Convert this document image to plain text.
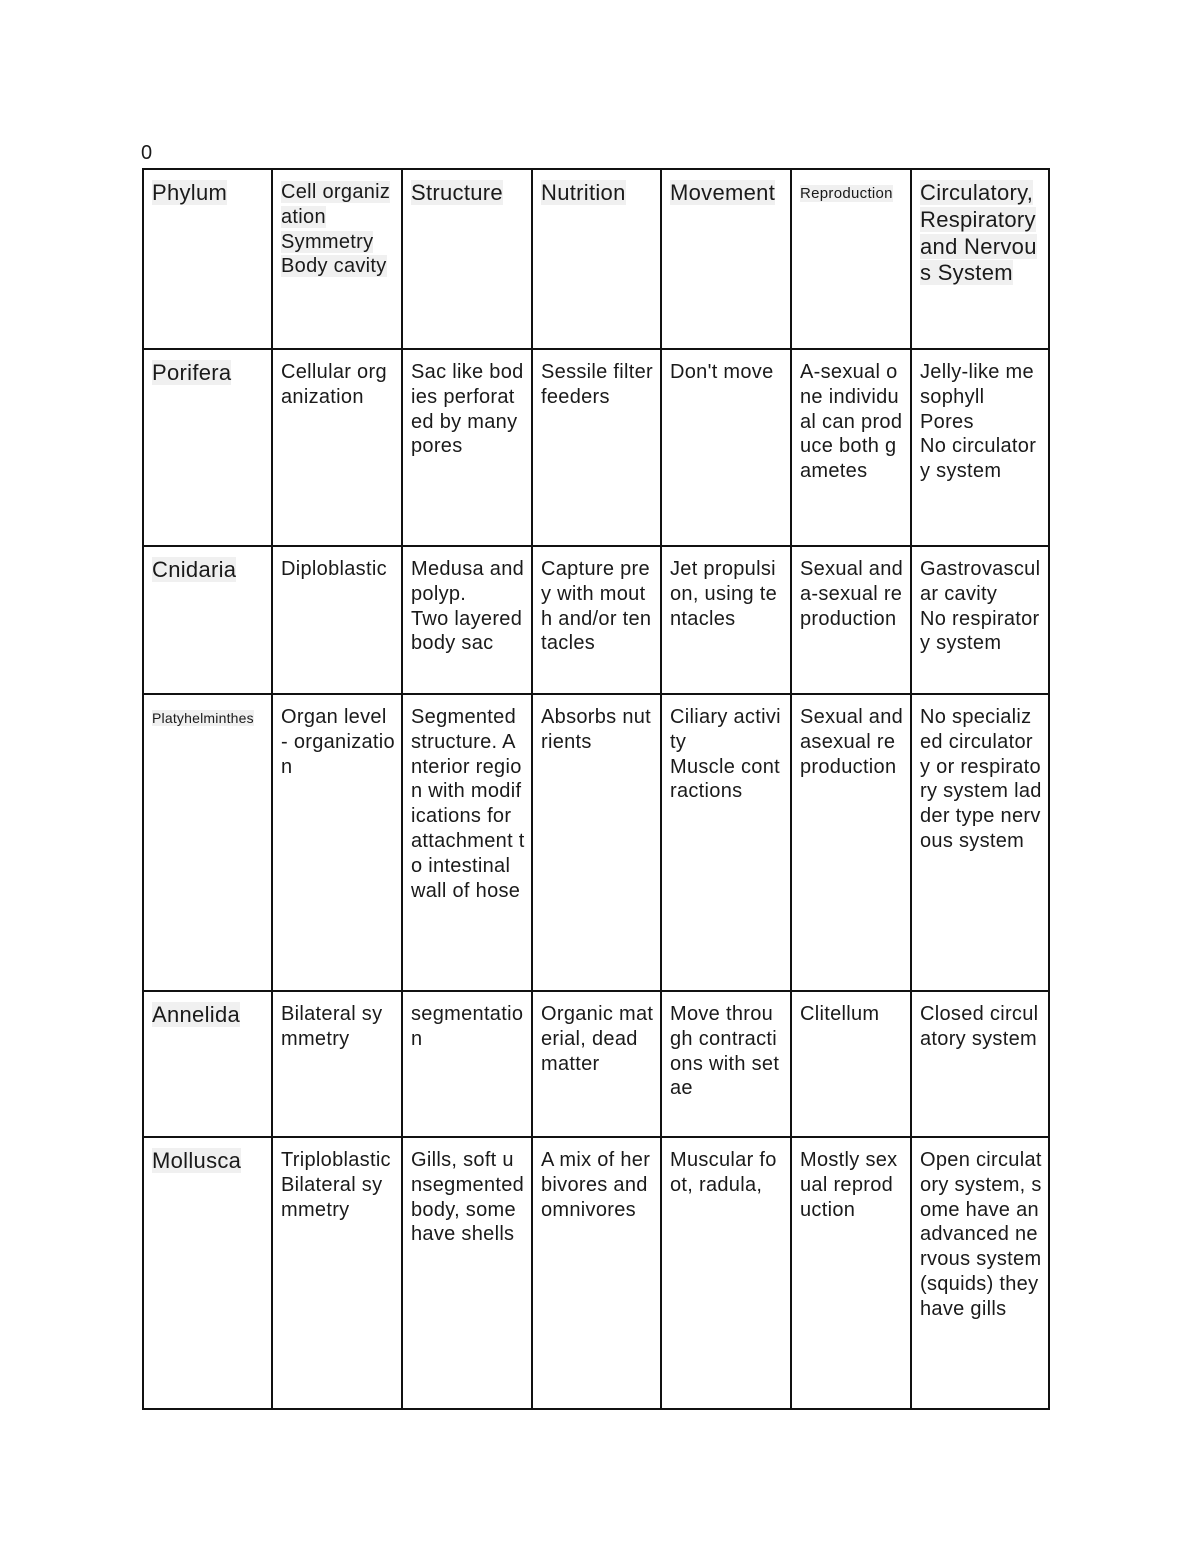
0
Phylum	Cell organization
Symmetry
Body cavity	Structure	Nutrition	Movement	Reproduction	Circulatory, Respiratory and Nervous System
Porifera	Cellular organization	Sac like bodies perforated by many pores	Sessile filter feeders	Don't move	A-sexual one individual can produce both gametes	Jelly-like mesophyll
Pores
No circulatory system
Cnidaria	Diploblastic	Medusa and polyp.
Two layered body sac	Capture prey with mouth and/or tentacles	Jet propulsion, using tentacles	Sexual and a-sexual reproduction	Gastrovascular cavity
No respiratory system
Platyhelminthes	Organ level - organization	Segmented structure. Anterior region with modifications for attachment to intestinal wall of hose	Absorbs nutrients	Ciliary activity
Muscle contractions	Sexual and asexual reproduction	No specialized circulatory or respiratory system ladder type nervous system
Annelida	Bilateral symmetry	segmentation	Organic material, dead matter	Move through contractions with setae	Clitellum	Closed circulatory system
Mollusca	Triploblastic
Bilateral symmetry	Gills, soft unsegmented body, some have shells	A mix of herbivores and omnivores	Muscular foot, radula,	Mostly sexual reproduction	Open circulatory system, some have an advanced nervous system(squids) they have gills
